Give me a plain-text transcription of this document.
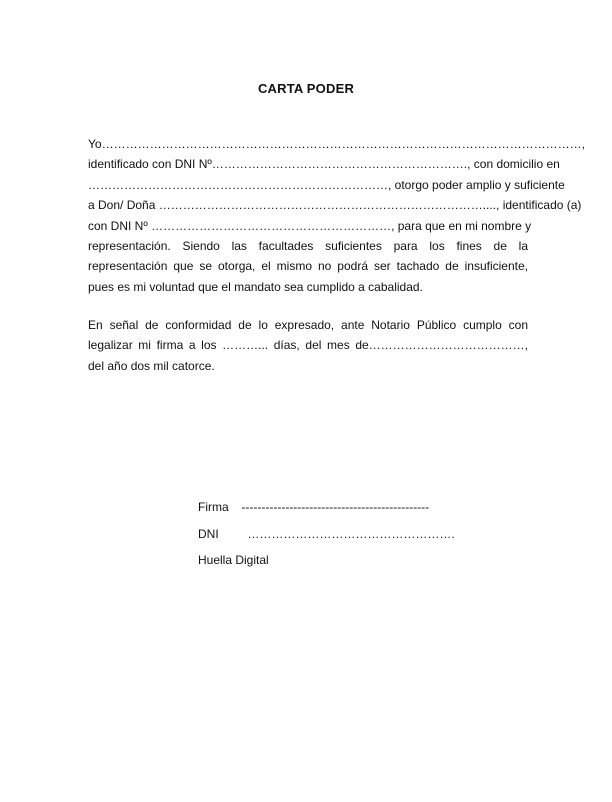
CARTA PODER
Yo…………………………………………………………………………………………………………,
identificado con DNI Nº………………………………………………………., con domicilio en
…………………………………………………………………, otorgo poder amplio y suficiente
a Don/ Doña ………………………………………………………………………...., identificado (a)
con DNI Nº ……………………………………………………, para que en mi nombre y
representación. Siendo las facultades suficientes para los fines de la
representación que se otorga, el mismo no podrá ser tachado de insuficiente,
pues es mi voluntad que el mandato sea cumplido a cabalidad.
En señal de conformidad de lo expresado, ante Notario Público cumplo con
legalizar mi firma a los ………... días, del mes de…………………………………,
del año dos mil catorce.
Firma -----------------------------------------------
DNI …………………………………………….
Huella Digital
